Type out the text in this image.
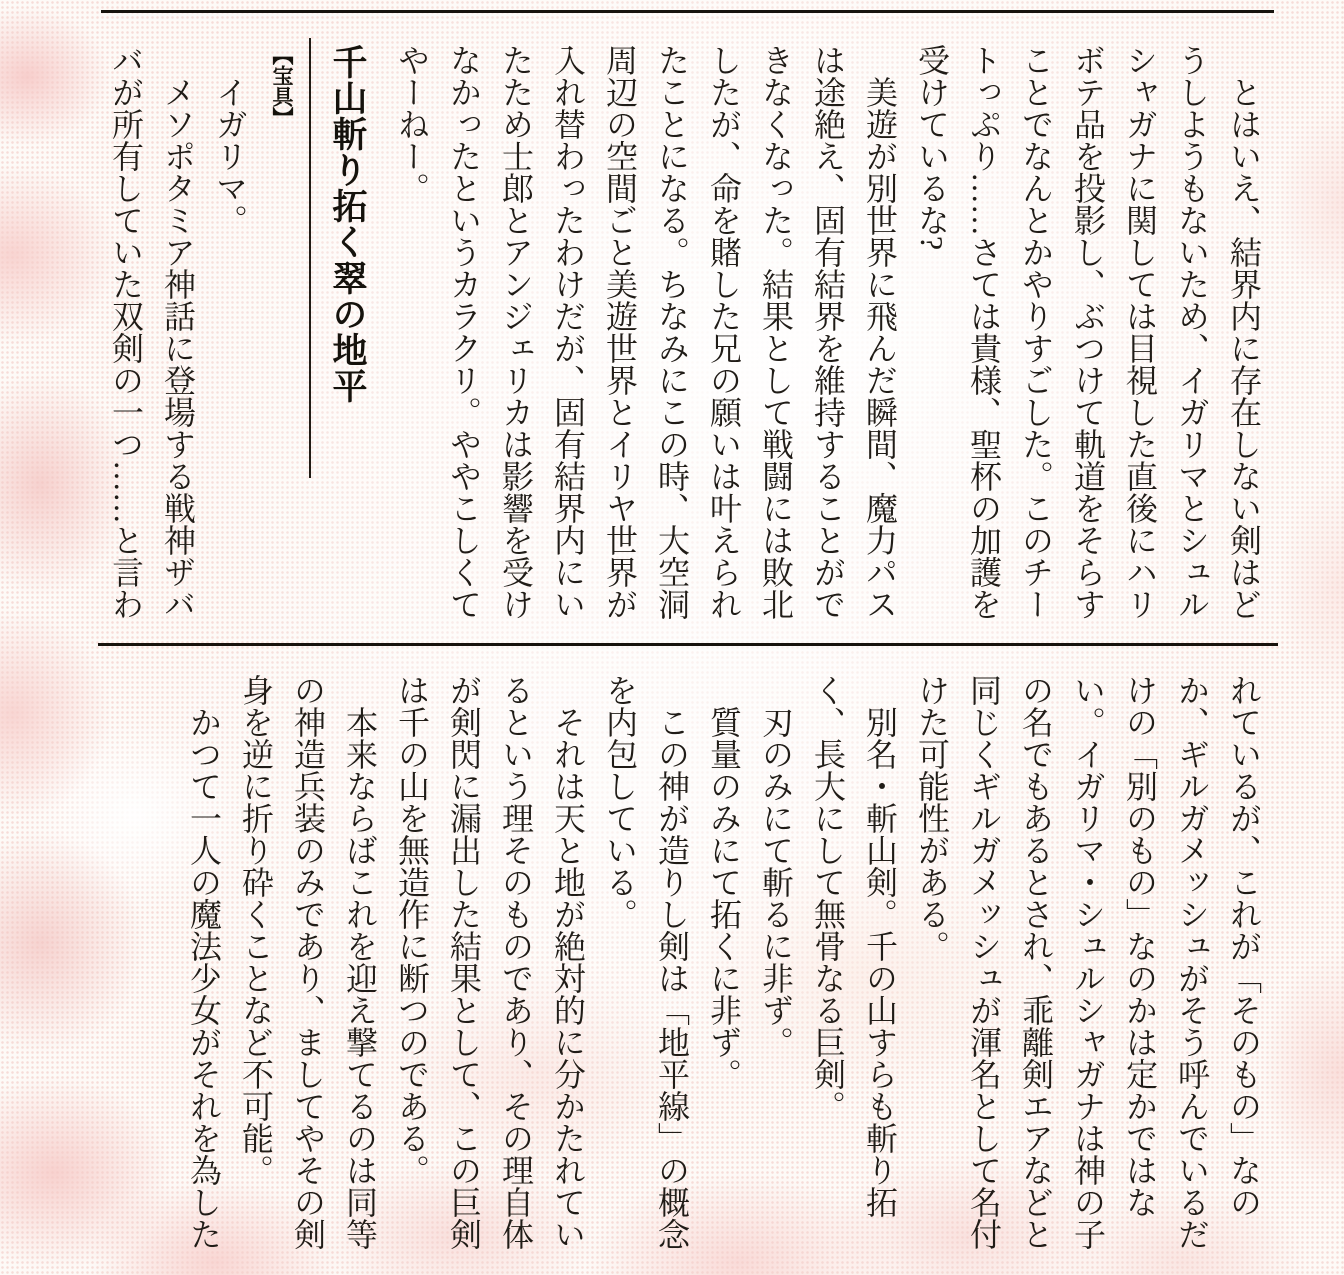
とはいえ、結界内に存在しない剣はどうしようもないため、イガリマとシュルシャガナに関しては目視した直後にハリボテ品を投影し、ぶつけて軌道をそらすことでなんとかやりすごした。このチートっぷり……さては貴様、聖杯の加護を受けているな?

美遊が別世界に飛んだ瞬間、魔力パスは途絶え、固有結界を維持することができなくなった。結果として戦闘には敗北したが、命を賭した兄の願いは叶えられたことになる。ちなみにこの時、大空洞周辺の空間ごと美遊世界とイリヤ世界が入れ替わったわけだが、固有結界内にいたため士郎とアンジェリカは影響を受けなかったというカラクリ。ややこしくてやーねー。

千山斬り拓く翠の地平
【宝具】

イガリマ。

メソポタミア神話に登場する戦神ザババが所有していた双剣の一つ……と言わ

れているが、これが「そのもの」なのか、ギルガメッシュがそう呼んでいるだけの「別のもの」なのかは定かではない。イガリマ・シュルシャガナは神の子の名でもあるとされ、乖離剣エアなどと同じくギルガメッシュが渾名として名付けた可能性がある。

別名・斬山剣。千の山すらも斬り拓く、長大にして無骨なる巨剣。

刃のみにて斬るに非ず。

質量のみにて拓くに非ず。

この神が造りし剣は「地平線」の概念を内包している。

それは天と地が絶対的に分かたれているという理そのものであり、その理自体が剣閃に漏出した結果として、この巨剣は千の山を無造作に断つのである。

本来ならばこれを迎え撃てるのは同等の神造兵装のみであり、ましてやその剣身を逆に折り砕くことなど不可能。

かつて一人の魔法少女がそれを為した
